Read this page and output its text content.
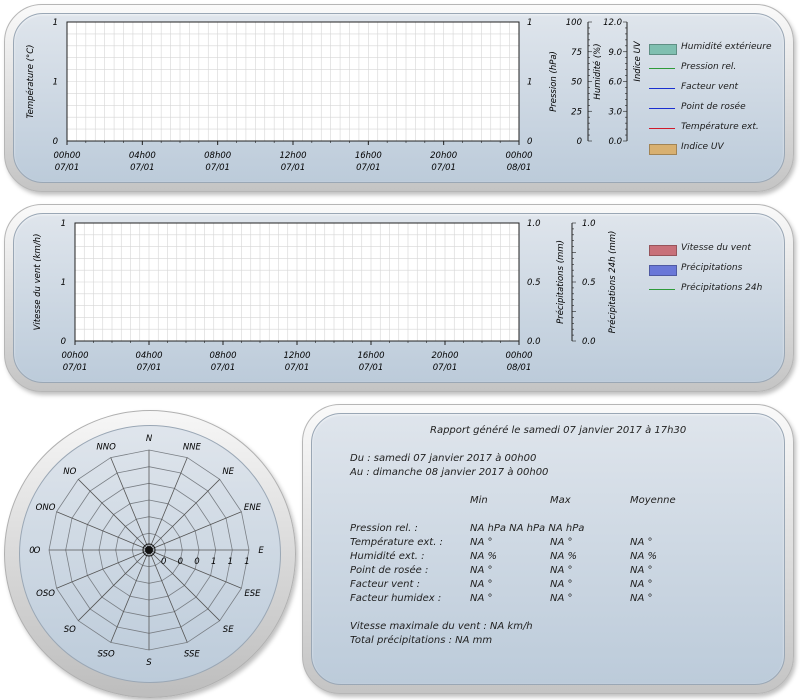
00h00
07/01
04h00
07/01
08h00
07/01
12h00
07/01
16h00
07/01
20h00
07/01
00h00
08/01
1
1
0
1
1
0
Température (°C)	Pression (hPa)
100
75
50
25
0
Humidité (%)
12.0
9.0
6.0
3.0
0.0
Indice UV	Humidité extérieure
Pression rel.
Facteur vent
Point de rosée
Température ext.
Indice UV
00h00
07/01
04h00
07/01
08h00
07/01
12h00
07/01
16h00
07/01
20h00
07/01
00h00
08/01
1
1
0
1.0
0.5
0.0
Vitesse du vent (km/h)	Précipitations (mm)
1.0
0.5
0.0
Précipitations 24h (mm)	Vitesse du vent
Précipitations
Précipitations 24h
N
NNE
NE
ENE
E
ESE
SE
SSE
S
SSO
SO
OSO
O
ONO
NO
NNO
0 0 0 1 1 1
0
Rapport généré le samedi 07 janvier 2017 à 17h30
Du : samedi 07 janvier 2017 à 00h00
Au : dimanche 08 janvier 2017 à 00h00
Min	Max	Moyenne
Pression rel. :	NA hPa NA hPa NA hPa
Température ext. :	NA °	NA °	NA °
Humidité ext. :	NA %	NA %	NA %
Point de rosée :	NA °	NA °	NA °
Facteur vent :	NA °	NA °	NA °
Facteur humidex :	NA °	NA °	NA °
Vitesse maximale du vent : NA km/h
Total précipitations : NA mm
